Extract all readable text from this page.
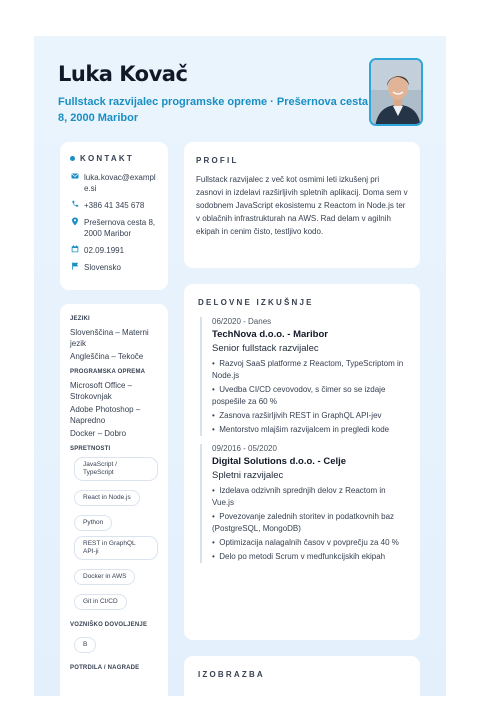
Luka Kovač
Fullstack razvijalec programske opreme · Prešernova cesta 8, 2000 Maribor
KONTAKT
luka.kovac@example.si
+386 41 345 678
Prešernova cesta 8, 2000 Maribor
02.09.1991
Slovensko
JEZIKI
Slovenščina – Materni jezik
Angleščina – Tekoče
PROGRAMSKA OPREMA
Microsoft Office – Strokovnjak
Adobe Photoshop – Napredno
Docker – Dobro
SPRETNOSTI
JavaScript / TypeScript
React in Node.js
Python
REST in GraphQL API-ji
Docker in AWS
Git in CI/CD
VOZNIŠKO DOVOLJENJE
B
POTRDILA / NAGRADE
PROFIL
Fullstack razvijalec z več kot osmimi leti izkušenj pri zasnovi in izdelavi razširljivih spletnih aplikacij. Doma sem v sodobnem JavaScript ekosistemu z Reactom in Node.js ter v oblačnih infrastrukturah na AWS. Rad delam v agilnih ekipah in cenim čisto, testljivo kodo.
DELOVNE IZKUŠNJE
06/2020 - Danes
TechNova d.o.o. - Maribor
Senior fullstack razvijalec
•  Razvoj SaaS platforme z Reactom, TypeScriptom in Node.js
•  Uvedba CI/CD cevovodov, s čimer so se izdaje pospešile za 60 %
•  Zasnova razširljivih REST in GraphQL API-jev
•  Mentorstvo mlajšim razvijalcem in pregledi kode
09/2016 - 05/2020
Digital Solutions d.o.o. - Celje
Spletni razvijalec
•  Izdelava odzivnih sprednjih delov z Reactom in Vue.js
•  Povezovanje zalednih storitev in podatkovnih baz (PostgreSQL, MongoDB)
•  Optimizacija nalagalnih časov v povprečju za 40 %
•  Delo po metodi Scrum v medfunkcijskih ekipah
IZOBRAZBA
